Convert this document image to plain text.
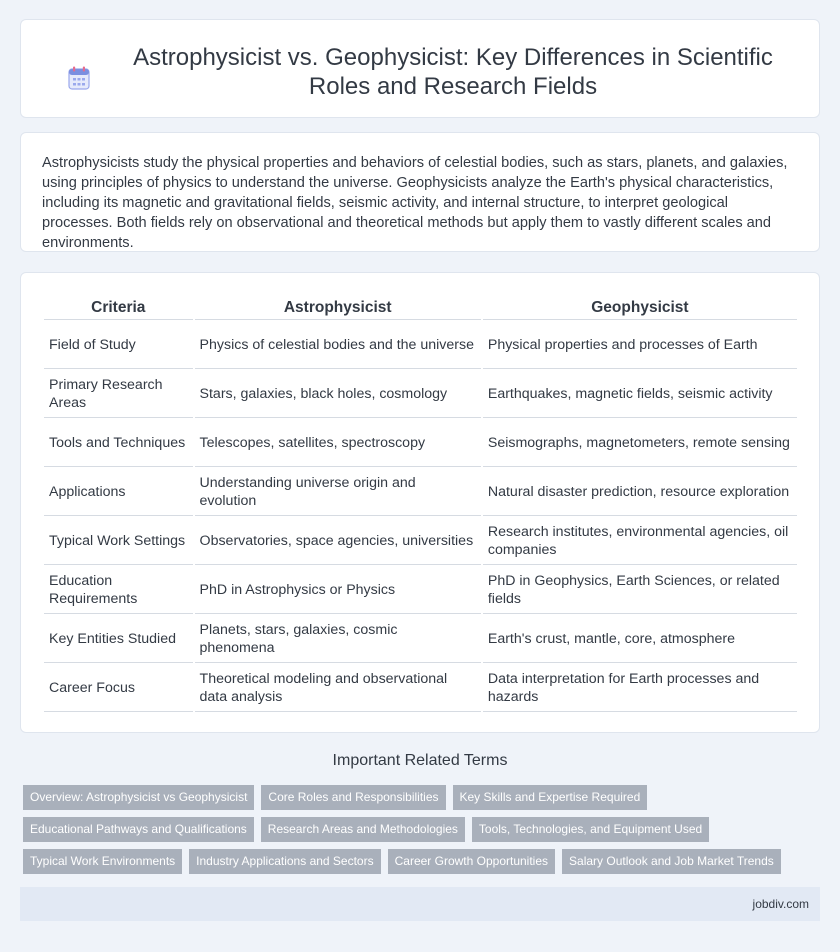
Astrophysicist vs. Geophysicist: Key Differences in Scientific Roles and Research Fields

Astrophysicists study the physical properties and behaviors of celestial bodies, such as stars, planets, and galaxies, using principles of physics to understand the universe. Geophysicists analyze the Earth's physical characteristics, including its magnetic and gravitational fields, seismic activity, and internal structure, to interpret geological processes. Both fields rely on observational and theoretical methods but apply them to vastly different scales and environments.

Criteria	Astrophysicist	Geophysicist
Field of Study	Physics of celestial bodies and the universe	Physical properties and processes of Earth
Primary Research Areas	Stars, galaxies, black holes, cosmology	Earthquakes, magnetic fields, seismic activity
Tools and Techniques	Telescopes, satellites, spectroscopy	Seismographs, magnetometers, remote sensing
Applications	Understanding universe origin and evolution	Natural disaster prediction, resource exploration
Typical Work Settings	Observatories, space agencies, universities	Research institutes, environmental agencies, oil companies
Education Requirements	PhD in Astrophysics or Physics	PhD in Geophysics, Earth Sciences, or related fields
Key Entities Studied	Planets, stars, galaxies, cosmic phenomena	Earth's crust, mantle, core, atmosphere
Career Focus	Theoretical modeling and observational data analysis	Data interpretation for Earth processes and hazards
Important Related Terms
Overview: Astrophysicist vs Geophysicist	Core Roles and Responsibilities	Key Skills and Expertise Required
Educational Pathways and Qualifications	Research Areas and Methodologies	Tools, Technologies, and Equipment Used
Typical Work Environments	Industry Applications and Sectors	Career Growth Opportunities	Salary Outlook and Job Market Trends
jobdiv.com
